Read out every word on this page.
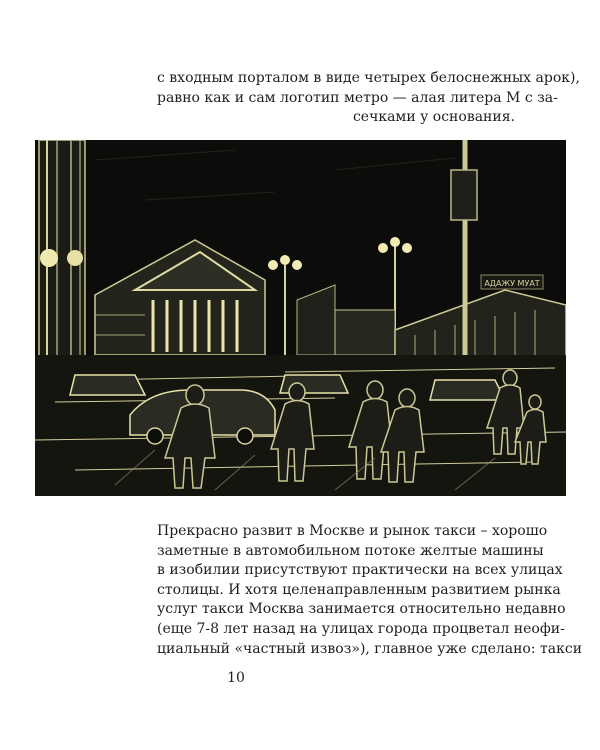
с входным порталом в виде четырех белоснежных арок),
равно как и сам логотип метро — алая литера М с за-
сечками у основания.

АДАЖУ МУАТ

Прекрасно развит в Москве и рынок такси – хорошо
заметные в автомобильном потоке желтые машины
в изобилии присутствуют практически на всех улицах
столицы. И хотя целенаправленным развитием рынка
услуг такси Москва занимается относительно недавно
(еще 7-8 лет назад на улицах города процветал неофи-
циальный «частный извоз»), главное уже сделано: такси

10
